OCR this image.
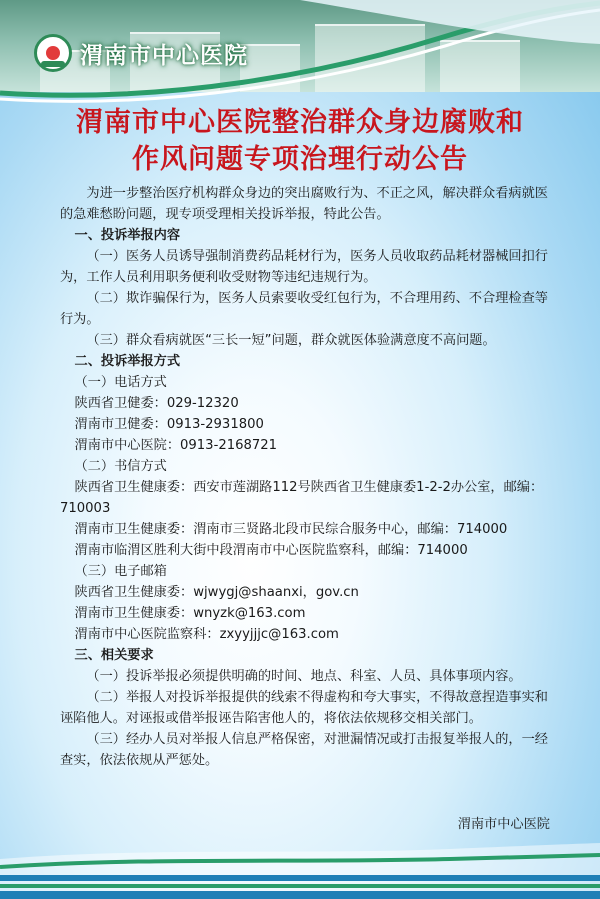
渭南市中心医院
渭南市中心医院整治群众身边腐败和
作风问题专项治理行动公告

为进一步整治医疗机构群众身边的突出腐败行为、不正之风，解决群众看病就医的急难愁盼问题，现专项受理相关投诉举报，特此公告。

一、投诉举报内容

（一）医务人员诱导强制消费药品耗材行为，医务人员收取药品耗材器械回扣行为，工作人员利用职务便利收受财物等违纪违规行为。

（二）欺诈骗保行为，医务人员索要收受红包行为，不合理用药、不合理检查等行为。

（三）群众看病就医“三长一短”问题，群众就医体验满意度不高问题。

二、投诉举报方式

（一）电话方式

陕西省卫健委：029-12320

渭南市卫健委：0913-2931800

渭南市中心医院：0913-2168721

（二）书信方式

陕西省卫生健康委：西安市莲湖路112号陕西省卫生健康委1-2-2办公室，邮编：710003

渭南市卫生健康委：渭南市三贤路北段市民综合服务中心，邮编：714000

渭南市临渭区胜利大街中段渭南市中心医院监察科，邮编：714000

（三）电子邮箱

陕西省卫生健康委：wjwygj@shaanxi，gov.cn

渭南市卫生健康委：wnyzk@163.com

渭南市中心医院监察科：zxyyjjjc@163.com

三、相关要求

（一）投诉举报必须提供明确的时间、地点、科室、人员、具体事项内容。

（二）举报人对投诉举报提供的线索不得虚构和夸大事实，不得故意捏造事实和诬陷他人。对诬报或借举报诬告陷害他人的，将依法依规移交相关部门。

（三）经办人员对举报人信息严格保密，对泄漏情况或打击报复举报人的，一经查实，依法依规从严惩处。

渭南市中心医院
